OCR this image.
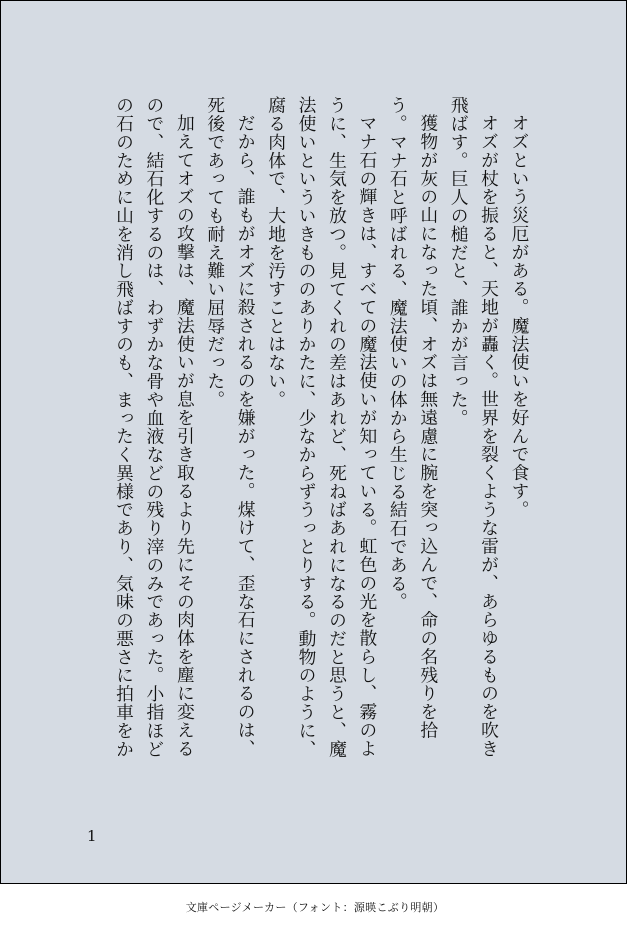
オズという災厄がある。魔法使いを好んで食す。

オズが杖を振ると、天地が轟く。世界を裂くような雷が、あらゆるものを吹き飛ばす。巨人の槌だと、誰かが言った。

獲物が灰の山になった頃、オズは無遠慮に腕を突っ込んで、命の名残りを拾う。マナ石と呼ばれる、魔法使いの体から生じる結石である。

マナ石の輝きは、すべての魔法使いが知っている。虹色の光を散らし、霧のように、生気を放つ。見てくれの差はあれど、死ねばあれになるのだと思うと、魔法使いといういきもののありかたに、少なからずうっとりする。動物のように、腐る肉体で、大地を汚すことはない。

だから、誰もがオズに殺されるのを嫌がった。煤けて、歪な石にされるのは、死後であっても耐え難い屈辱だった。

加えてオズの攻撃は、魔法使いが息を引き取るより先にその肉体を塵に変えるので、結石化するのは、わずかな骨や血液などの残り滓のみであった。小指ほどの石のために山を消し飛ばすのも、まったく異様であり、気味の悪さに拍車をか

1
文庫ページメーカー（フォント：源暎こぶり明朝）
